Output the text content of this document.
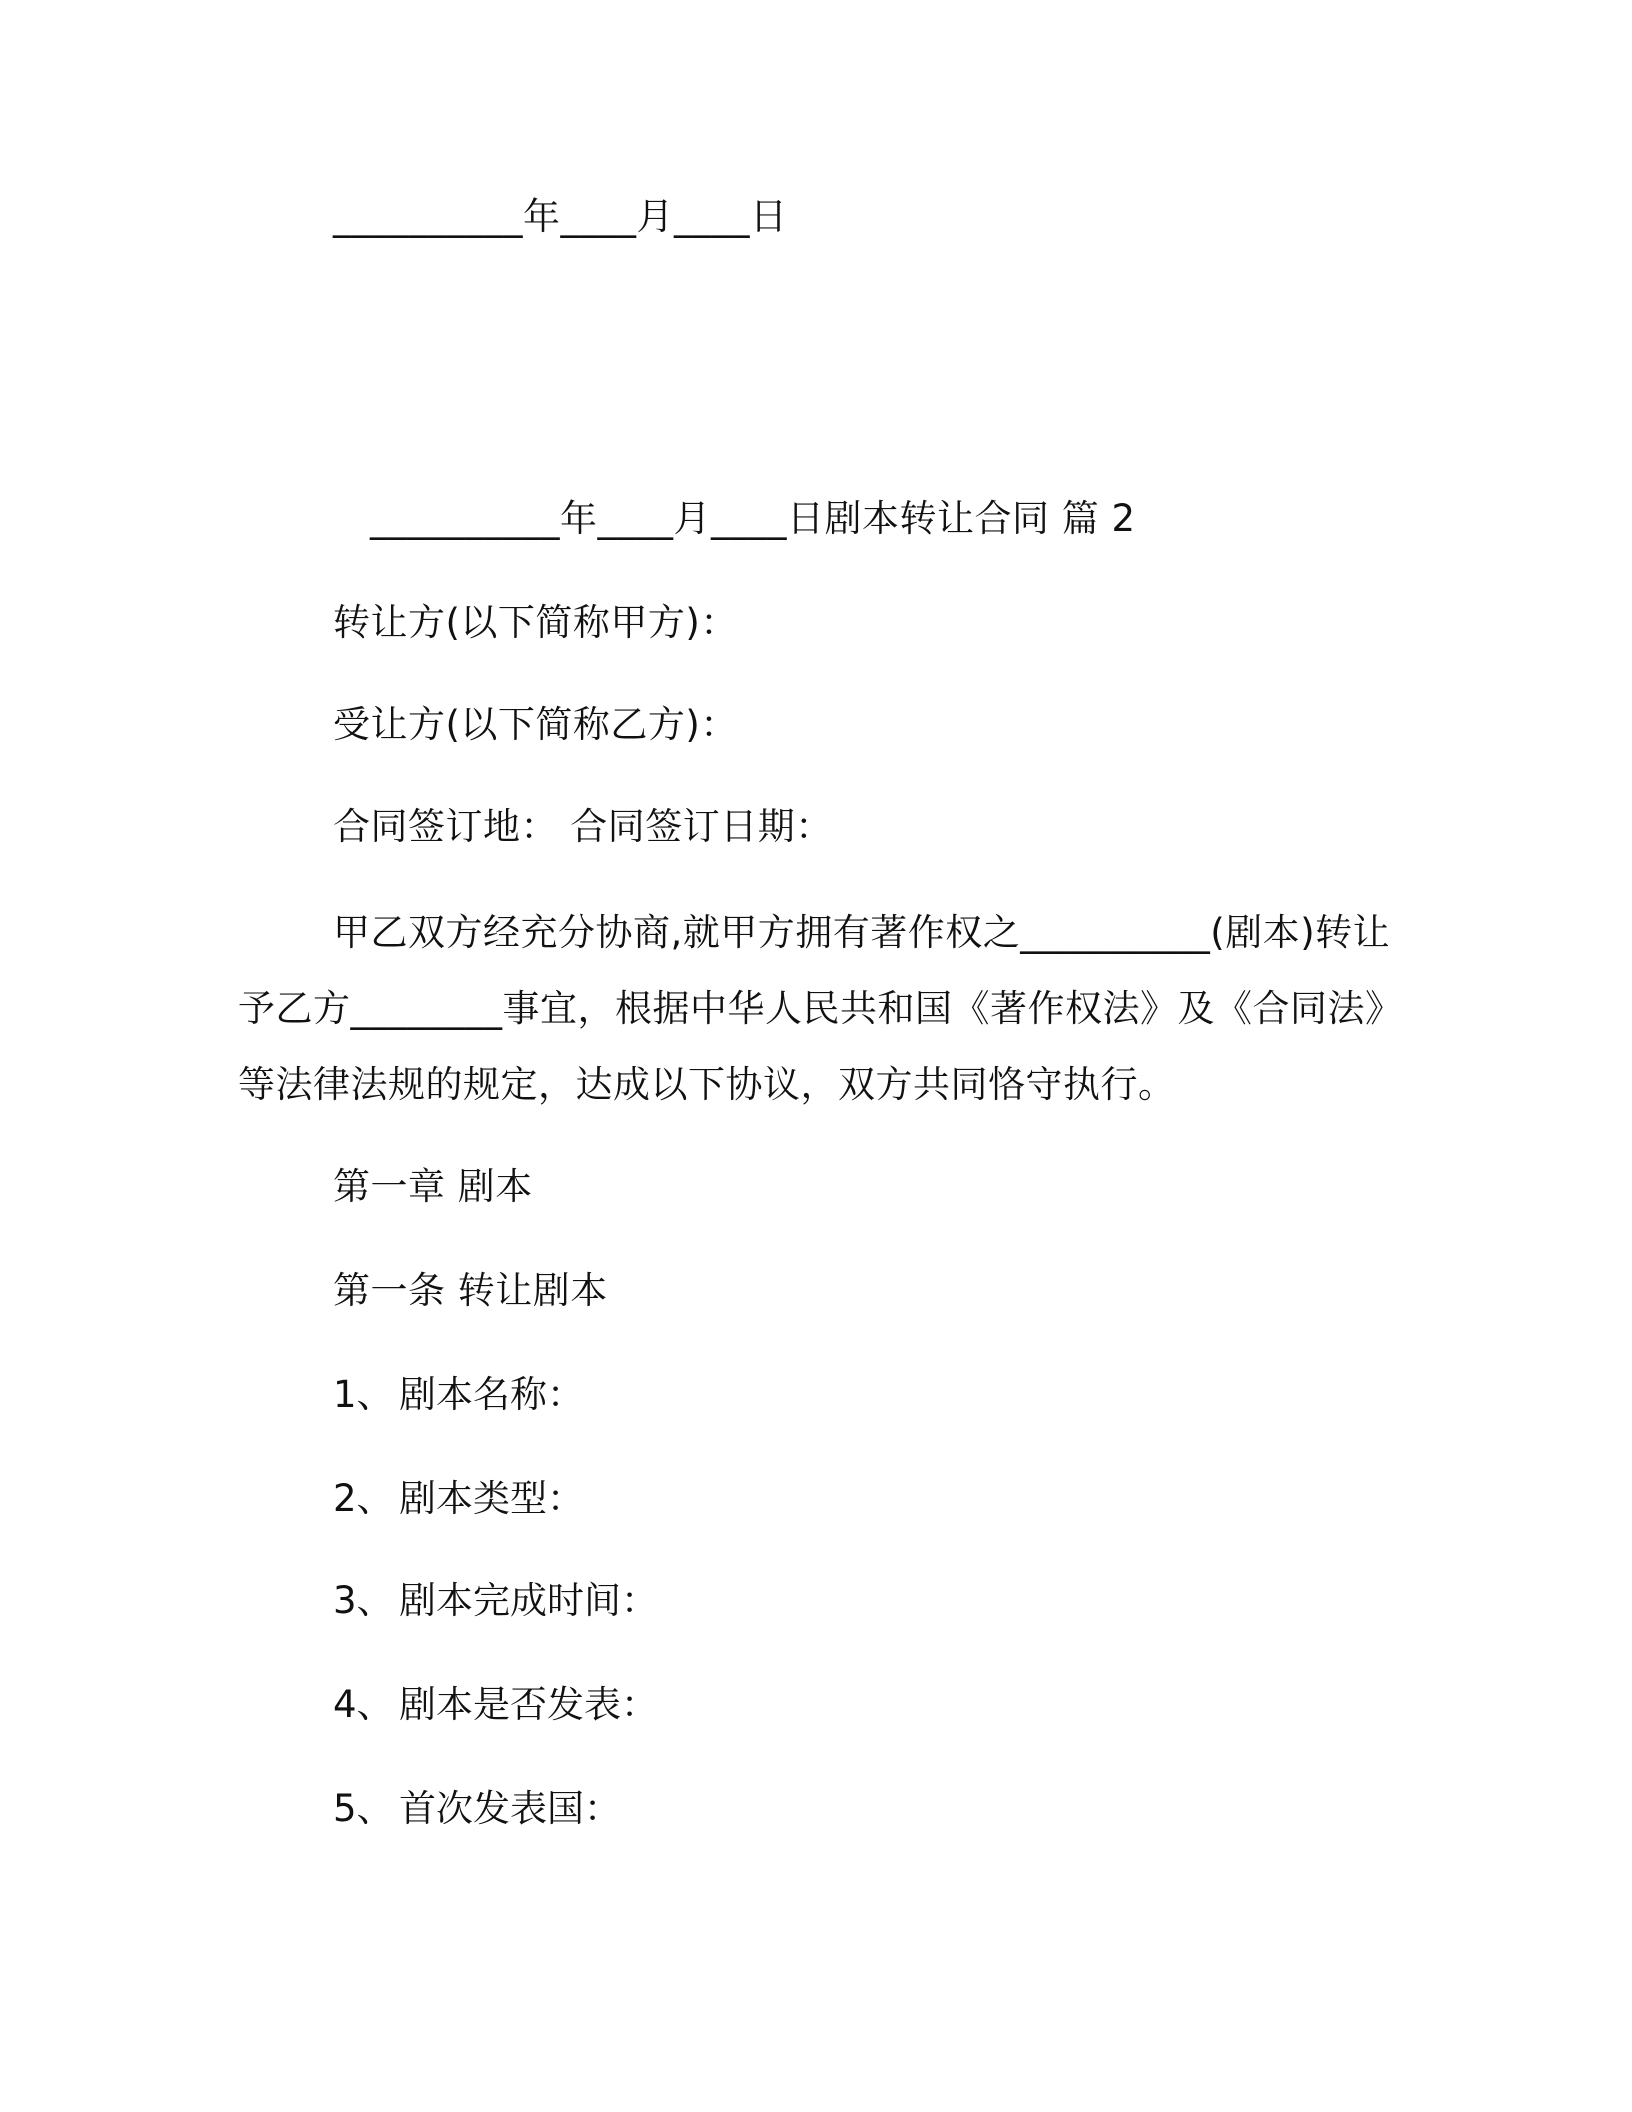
__________年____月____日
__________年____月____日剧本转让合同 篇 2
转让方(以下简称甲方)：
受让方(以下简称乙方)：
合同签订地： 合同签订日期：
甲乙双方经充分协商,就甲方拥有著作权之__________(剧本)转让
予乙方________事宜，根据中华人民共和国《著作权法》及《合同法》
等法律法规的规定，达成以下协议，双方共同恪守执行。
第一章 剧本
第一条 转让剧本
1、 剧本名称：
2、 剧本类型：
3、 剧本完成时间：
4、 剧本是否发表：
5、 首次发表国：
